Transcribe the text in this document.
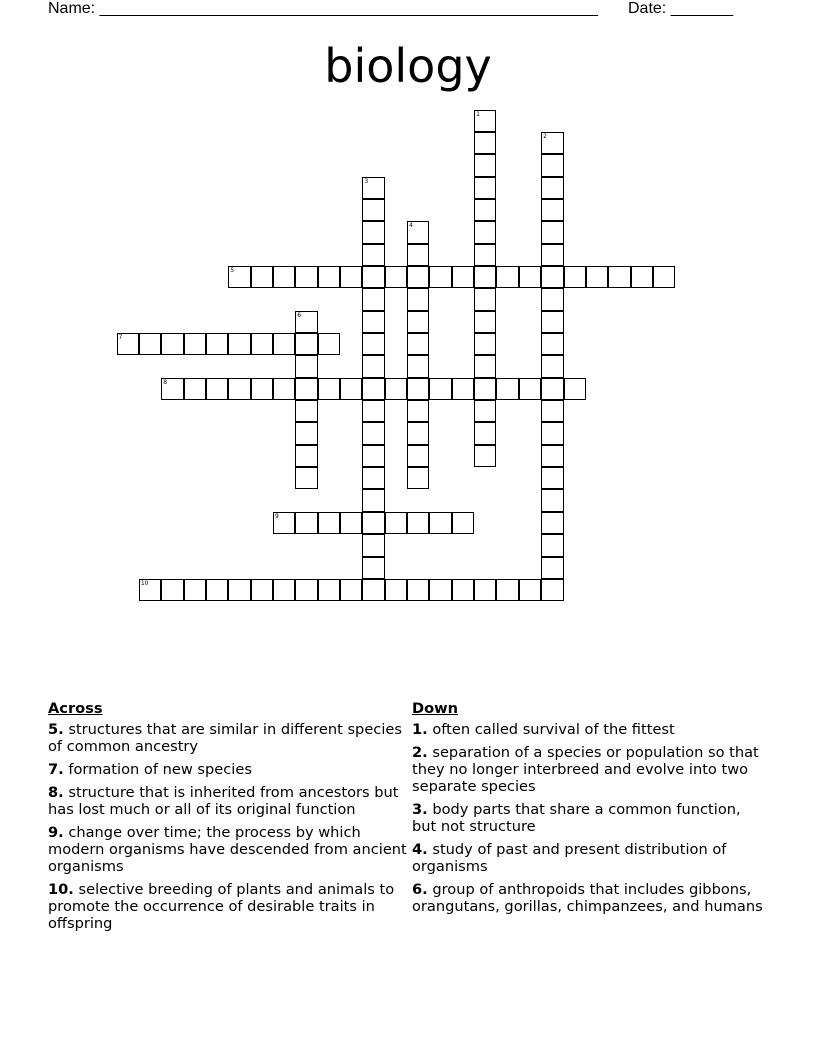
Name: ________________________________________________________ Date: _______
biology
1
2
3
4
5
6
7
8
9
10
Across
5. structures that are similar in different species of common ancestry
7. formation of new species
8. structure that is inherited from ancestors but has lost much or all of its original function
9. change over time; the process by which modern organisms have descended from ancient organisms
10. selective breeding of plants and animals to promote the occurrence of desirable traits in offspring
Down
1. often called survival of the fittest
2. separation of a species or population so that they no longer interbreed and evolve into two separate species
3. body parts that share a common function, but not structure
4. study of past and present distribution of organisms
6. group of anthropoids that includes gibbons, orangutans, gorillas, chimpanzees, and humans
